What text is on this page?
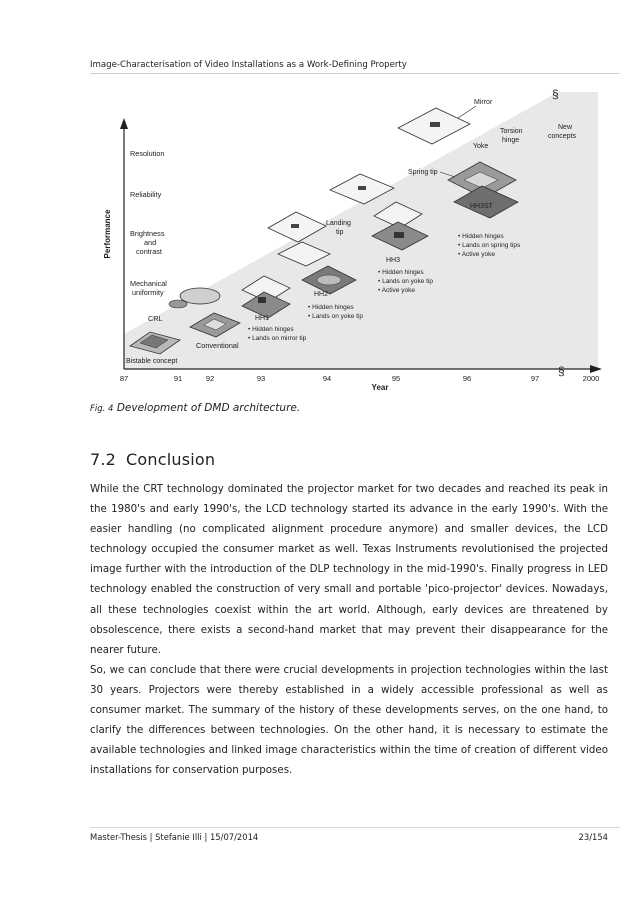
Image-Characterisation of Video Installations as a Work-Defining Property
§
§
Performance
Resolution
Reliability
Brightness
and
contrast
Mechanical
uniformity
87	91	92	93	94	95	96	97	2000
Year
Bistable concept
CRL
Conventional
HH1
• Hidden hinges
• Lands on mirror tip
HH2
• Hidden hinges
• Lands on yoke tip
Landing
tip
HH3
• Hidden hinges
• Lands on yoke tip
• Active yoke
Spring tip
Mirror
HH3ST
• Hidden hinges
• Lands on spring tips
• Active yoke
Yoke
Torsion
hinge
New
concepts
Fig. 4 Development of DMD architecture.
7.2 Conclusion

While the CRT technology dominated the projector market for two decades and reached its peak in the 1980's and early 1990's, the LCD technology started its advance in the early 1990's. With the easier handling (no complicated alignment procedure anymore) and smaller devices, the LCD technology occupied the consumer market as well. Texas Instruments revolutionised the projected image further with the introduction of the DLP technology in the mid-1990's. Finally progress in LED technology enabled the construction of very small and portable 'pico-projector' devices. Nowadays, all these technologies coexist within the art world. Although, early devices are threatened by obsolescence, there exists a second-hand market that may prevent their disappearance for the nearer future.

So, we can conclude that there were crucial developments in projection technologies within the last 30 years. Projectors were thereby established in a widely accessible professional as well as consumer market. The summary of the history of these developments serves, on the one hand, to clarify the differences between technologies. On the other hand, it is necessary to estimate the available technologies and linked image characteristics within the time of creation of different video installations for conservation purposes.

Master-Thesis | Stefanie Illi | 15/07/2014	23/154
